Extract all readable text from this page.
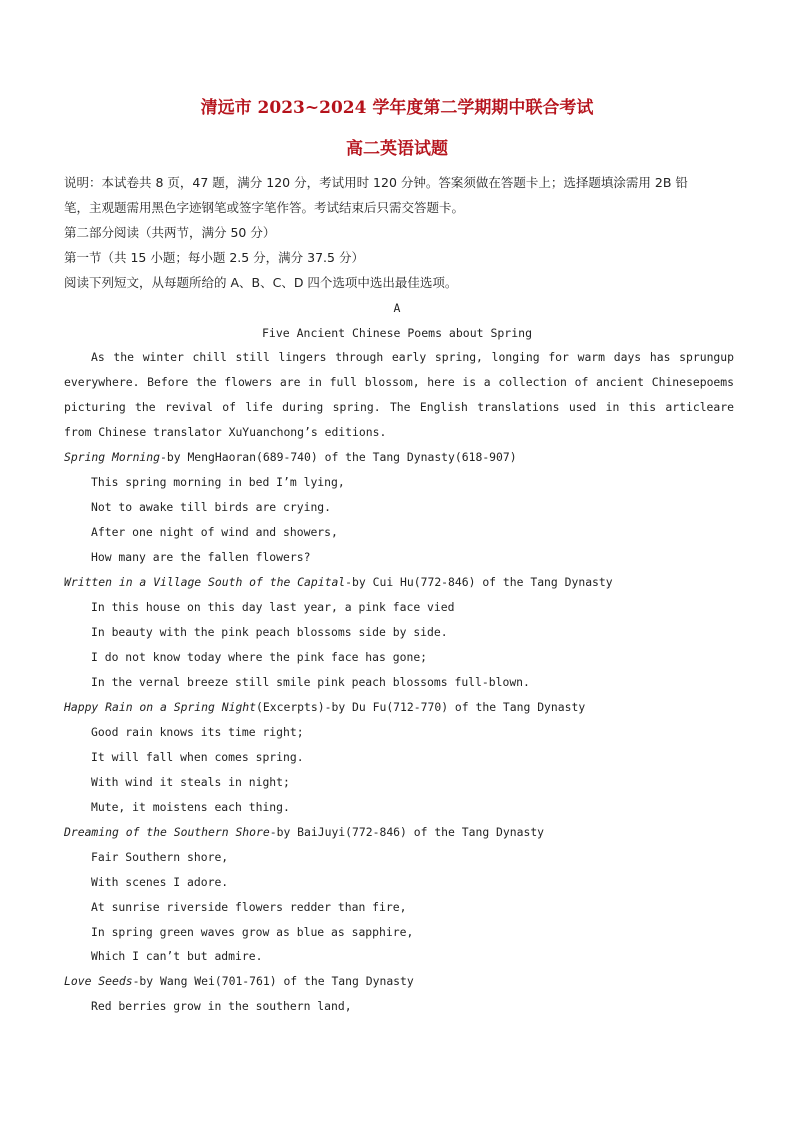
清远市 2023~2024 学年度第二学期期中联合考试
高二英语试题
说明：本试卷共 8 页，47 题，满分 120 分，考试用时 120 分钟。答案须做在答题卡上；选择题填涂需用 2B 铅
笔，主观题需用黑色字迹钢笔或签字笔作答。考试结束后只需交答题卡。
第二部分阅读（共两节，满分 50 分）
第一节（共 15 小题；每小题 2.5 分，满分 37.5 分）
阅读下列短文，从每题所给的 A、B、C、D 四个选项中选出最佳选项。
A
Five Ancient Chinese Poems about Spring
As the winter chill still lingers through early spring, longing for warm days has sprungup everywhere. Before the flowers are in full blossom, here is a collection of ancient Chinesepoems picturing the revival of life during spring. The English translations used in this articleare from Chinese translator XuYuanchong’s editions.
Spring Morning-by MengHaoran(689-740) of the Tang Dynasty(618-907)
This spring morning in bed I’m lying,
Not to awake till birds are crying.
After one night of wind and showers,
How many are the fallen flowers?
Written in a Village South of the Capital-by Cui Hu(772-846) of the Tang Dynasty
In this house on this day last year, a pink face vied
In beauty with the pink peach blossoms side by side.
I do not know today where the pink face has gone;
In the vernal breeze still smile pink peach blossoms full-blown.
Happy Rain on a Spring Night(Excerpts)-by Du Fu(712-770) of the Tang Dynasty
Good rain knows its time right;
It will fall when comes spring.
With wind it steals in night;
Mute, it moistens each thing.
Dreaming of the Southern Shore-by BaiJuyi(772-846) of the Tang Dynasty
Fair Southern shore,
With scenes I adore.
At sunrise riverside flowers redder than fire,
In spring green waves grow as blue as sapphire,
Which I can’t but admire.
Love Seeds-by Wang Wei(701-761) of the Tang Dynasty
Red berries grow in the southern land,
